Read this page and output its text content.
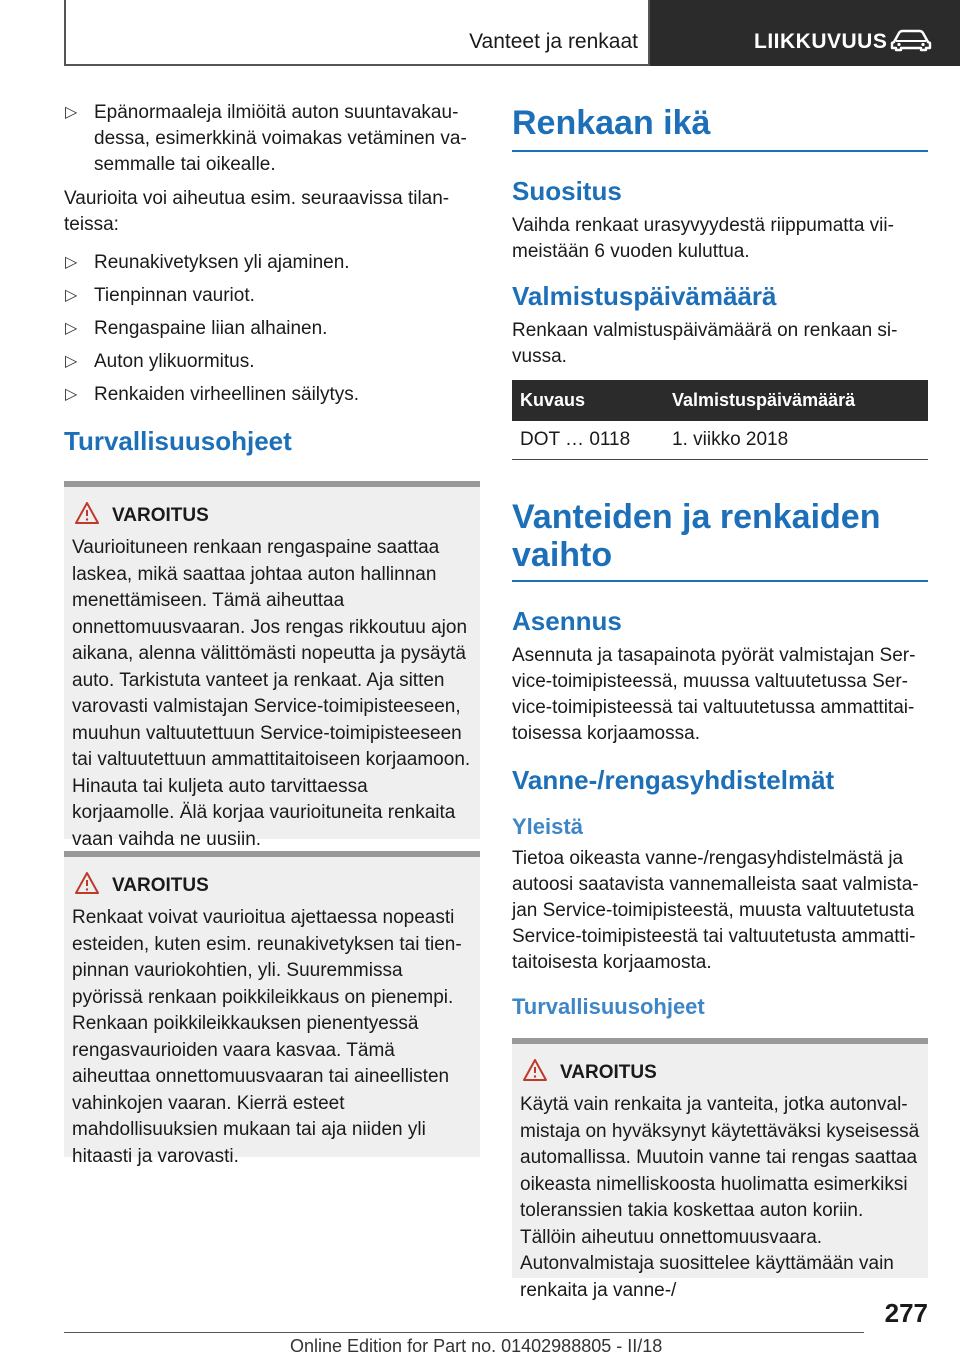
Vanteet ja renkaat	LIIKKUVUUS
▷ Epänormaaleja ilmiöitä auton suuntavakaudessa, esimerkkinä voimakas vetäminen vasemmalle tai oikealle.
Vaurioita voi aiheutua esim. seuraavissa tilanteissa:
▷ Reunakivetyksen yli ajaminen.
▷ Tienpinnan vauriot.
▷ Rengaspaine liian alhainen.
▷ Auton ylikuormitus.
▷ Renkaiden virheellinen säilytys.
Turvallisuusohjeet
VAROITUS
Vaurioituneen renkaan rengaspaine saattaa laskea, mikä saattaa johtaa auton hallinnan menettämiseen. Tämä aiheuttaa onnettomuusvaaran. Jos rengas rikkoutuu ajon aikana, alenna välittömästi nopeutta ja pysäytä auto. Tarkistuta vanteet ja renkaat. Aja sitten varovasti valmistajan Service-toimipisteeseen, muuhun valtuutettuun Service-toimipisteeseen tai valtuutettuun ammattitaitoiseen korjaamoon. Hinauta tai kuljeta auto tarvittaessa korjaamolle. Älä korjaa vaurioituneita renkaita vaan vaihda ne uusiin.
VAROITUS
Renkaat voivat vaurioitua ajettaessa nopeasti esteiden, kuten esim. reunakivetyksen tai tienpinnan vauriokohtien, yli. Suuremmissa pyörissä renkaan poikkileikkaus on pienempi. Renkaan poikkileikkauksen pienentyessä rengasvaurioiden vaara kasvaa. Tämä aiheuttaa onnettomuusvaaran tai aineellisten vahinkojen vaaran. Kierrä esteet mahdollisuuksien mukaan tai aja niiden yli hitaasti ja varovasti.
Renkaan ikä
Suositus
Vaihda renkaat urasyvyydestä riippumatta viimeistään 6 vuoden kuluttua.
Valmistuspäivämäärä
Renkaan valmistuspäivämäärä on renkaan sivussa.
Kuvaus	Valmistuspäivämäärä
DOT … 0118	1. viikko 2018
Vanteiden ja renkaiden vaihto
Asennus
Asennuta ja tasapainota pyörät valmistajan Service-toimipisteessä, muussa valtuutetussa Service-toimipisteessä tai valtuutetussa ammattitaitoisessa korjaamossa.
Vanne-/rengasyhdistelmät
Yleistä
Tietoa oikeasta vanne-/rengasyhdistelmästä ja autoosi saatavista vannemalleista saat valmistajan Service-toimipisteestä, muusta valtuutetusta Service-toimipisteestä tai valtuutetusta ammattitaitoisesta korjaamosta.
Turvallisuusohjeet
VAROITUS
Käytä vain renkaita ja vanteita, jotka autonvalmistaja on hyväksynyt käytettäväksi kyseisessä automallissa. Muutoin vanne tai rengas saattaa oikeasta nimelliskoosta huolimatta esimerkiksi toleranssien takia koskettaa auton koriin. Tällöin aiheutuu onnettomuusvaara. Autonvalmistaja suosittelee käyttämään vain renkaita ja vanne-/
277
Online Edition for Part no. 01402988805 - II/18
